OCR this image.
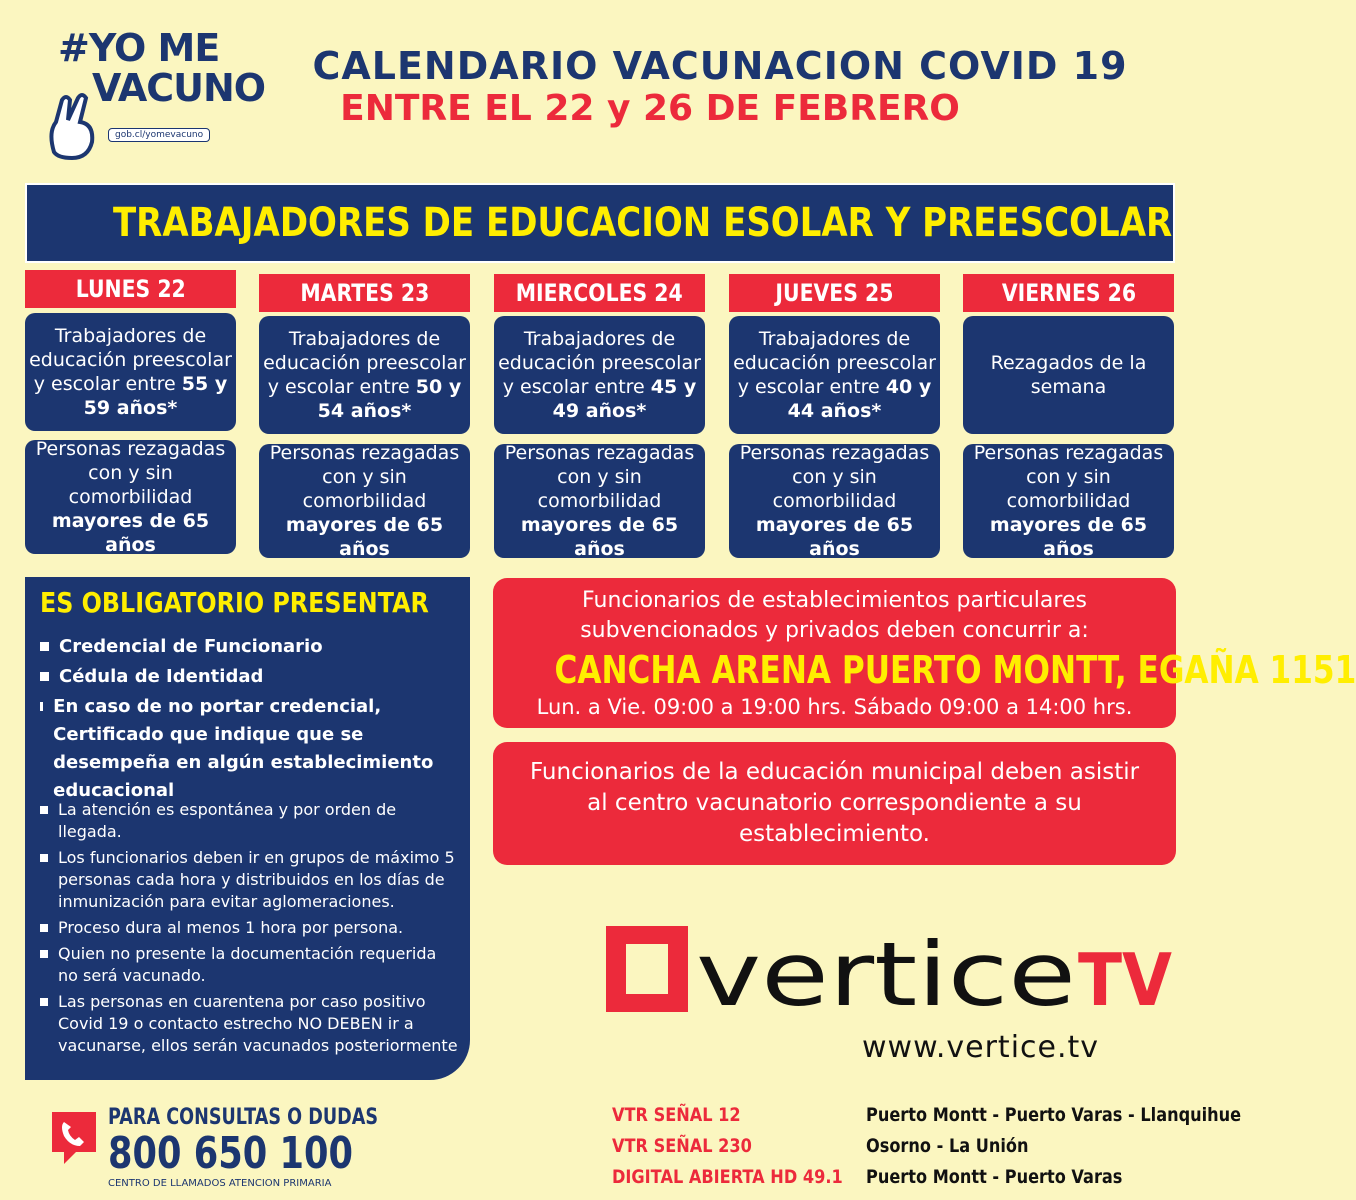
#YO ME
VACUNO
gob.cl/yomevacuno
CALENDARIO VACUNACION COVID 19
ENTRE EL 22 y 26 DE FEBRERO
TRABAJADORES DE EDUCACION ESOLAR Y PREESCOLAR
LUNES 22
Trabajadores de educación preescolar y escolar entre 55 y 59 años*
Personas rezagadas con y sin comorbilidad
mayores de 65 años
MARTES 23
Trabajadores de educación preescolar y escolar entre 50 y 54 años*
Personas rezagadas con y sin comorbilidad
mayores de 65 años
MIERCOLES 24
Trabajadores de educación preescolar y escolar entre 45 y 49 años*
Personas rezagadas con y sin comorbilidad
mayores de 65 años
JUEVES 25
Trabajadores de educación preescolar y escolar entre 40 y 44 años*
Personas rezagadas con y sin comorbilidad
mayores de 65 años
VIERNES 26
Rezagados de la semana
Personas rezagadas con y sin comorbilidad
mayores de 65 años
ES OBLIGATORIO PRESENTAR
Credencial de Funcionario
Cédula de Identidad
En caso de no portar credencial, Certificado que indique que se desempeña en algún establecimiento educacional
La atención es espontánea y por orden de llegada.
Los funcionarios deben ir en grupos de máximo 5 personas cada hora y distribuidos en los días de inmunización para evitar aglomeraciones.
Proceso dura al menos 1 hora por persona.
Quien no presente la documentación requerida no será vacunado.
Las personas en cuarentena por caso positivo Covid 19 o contacto estrecho NO DEBEN ir a vacunarse, ellos serán vacunados posteriormente
Funcionarios de establecimientos particulares subvencionados y privados deben concurrir a:
CANCHA ARENA PUERTO MONTT, EGAÑA 1151
Lun. a Vie. 09:00 a 19:00 hrs. Sábado 09:00 a 14:00 hrs.
Funcionarios de la educación municipal deben asistir al centro vacunatorio correspondiente a su establecimiento.
vertice TV
www.vertice.tv
PARA CONSULTAS O DUDAS
800 650 100
CENTRO DE LLAMADOS ATENCION PRIMARIA
VTR SEÑAL 12
VTR SEÑAL 230
DIGITAL ABIERTA HD 49.1
Puerto Montt - Puerto Varas - Llanquihue
Osorno - La Unión
Puerto Montt - Puerto Varas
